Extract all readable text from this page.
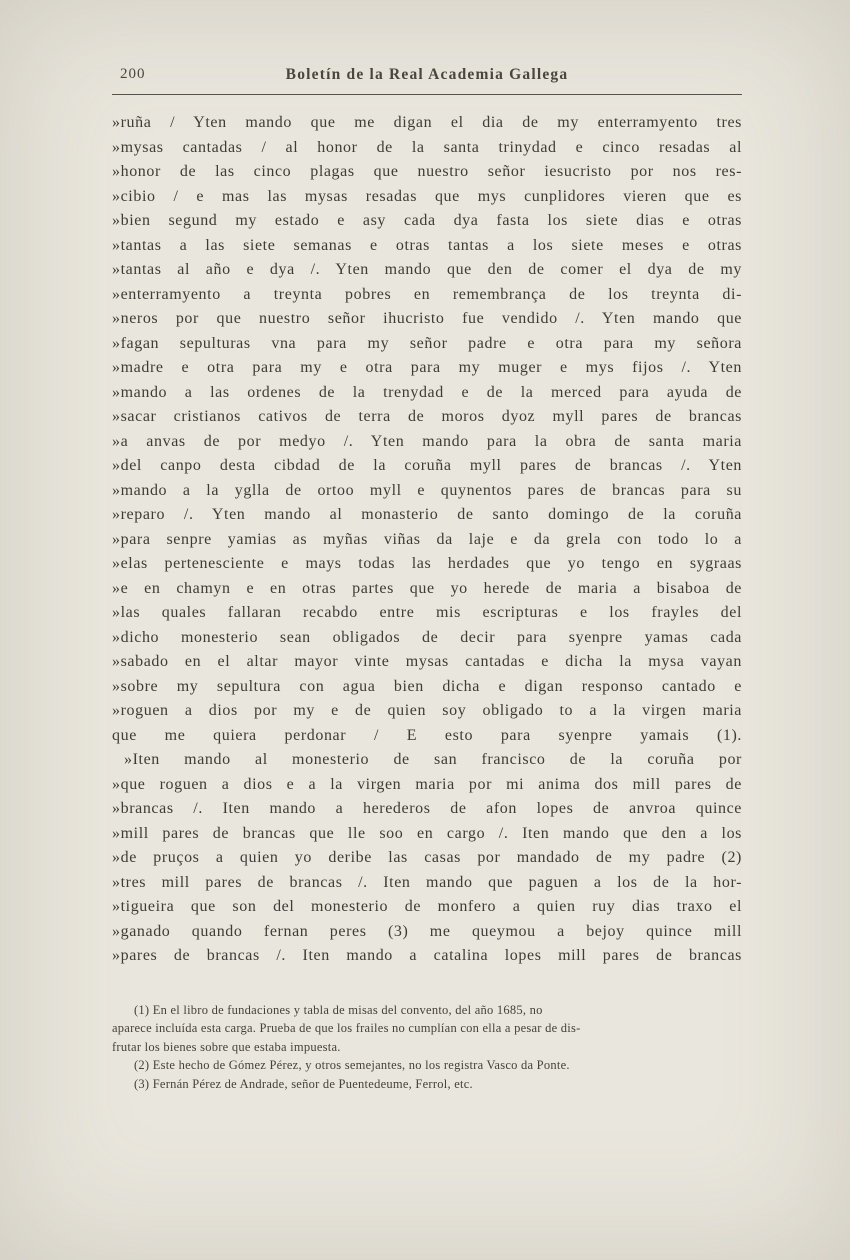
200	Boletín de la Real Academia Gallega
»ruña / Yten mando que me digan el dia de my enterramyento tres
»mysas cantadas / al honor de la santa trinydad e cinco resadas al
»honor de las cinco plagas que nuestro señor iesucristo por nos res-
»cibio / e mas las mysas resadas que mys cunplidores vieren que es
»bien segund my estado e asy cada dya fasta los siete dias e otras
»tantas a las siete semanas e otras tantas a los siete meses e otras
»tantas al año e dya /. Yten mando que den de comer el dya de my
»enterramyento a treynta pobres en remembrança de los treynta di-
»neros por que nuestro señor ihucristo fue vendido /. Yten mando que
»fagan sepulturas vna para my señor padre e otra para my señora
»madre e otra para my e otra para my muger e mys fijos /. Yten
»mando a las ordenes de la trenydad e de la merced para ayuda de
»sacar cristianos cativos de terra de moros dyoz myll pares de brancas
»a anvas de por medyo /. Yten mando para la obra de santa maria
»del canpo desta cibdad de la coruña myll pares de brancas /. Yten
»mando a la yglla de ortoo myll e quynentos pares de brancas para su
»reparo /. Yten mando al monasterio de santo domingo de la coruña
»para senpre yamias as myñas viñas da laje e da grela con todo lo a
»elas pertenesciente e mays todas las herdades que yo tengo en sygraas
»e en chamyn e en otras partes que yo herede de maria a bisaboa de
»las quales fallaran recabdo entre mis escripturas e los frayles del
»dicho monesterio sean obligados de decir para syenpre yamas cada
»sabado en el altar mayor vinte mysas cantadas e dicha la mysa vayan
»sobre my sepultura con agua bien dicha e digan responso cantado e
»roguen a dios por my e de quien soy obligado to a la virgen maria
que me quiera perdonar / E esto para syenpre yamais (1).
»Iten mando al monesterio de san francisco de la coruña por
»que roguen a dios e a la virgen maria por mi anima dos mill pares de
»brancas /. Iten mando a herederos de afon lopes de anvroa quince
»mill pares de brancas que lle soo en cargo /. Iten mando que den a los
»de pruços a quien yo deribe las casas por mandado de my padre (2)
»tres mill pares de brancas /. Iten mando que paguen a los de la hor-
»tigueira que son del monesterio de monfero a quien ruy dias traxo el
»ganado quando fernan peres (3) me queymou a bejoy quince mill
»pares de brancas /. Iten mando a catalina lopes mill pares de brancas
(1) En el libro de fundaciones y tabla de misas del convento, del año 1685, no
aparece incluída esta carga. Prueba de que los frailes no cumplían con ella a pesar de dis-
frutar los bienes sobre que estaba impuesta.
(2) Este hecho de Gómez Pérez, y otros semejantes, no los registra Vasco da Ponte.
(3) Fernán Pérez de Andrade, señor de Puentedeume, Ferrol, etc.
